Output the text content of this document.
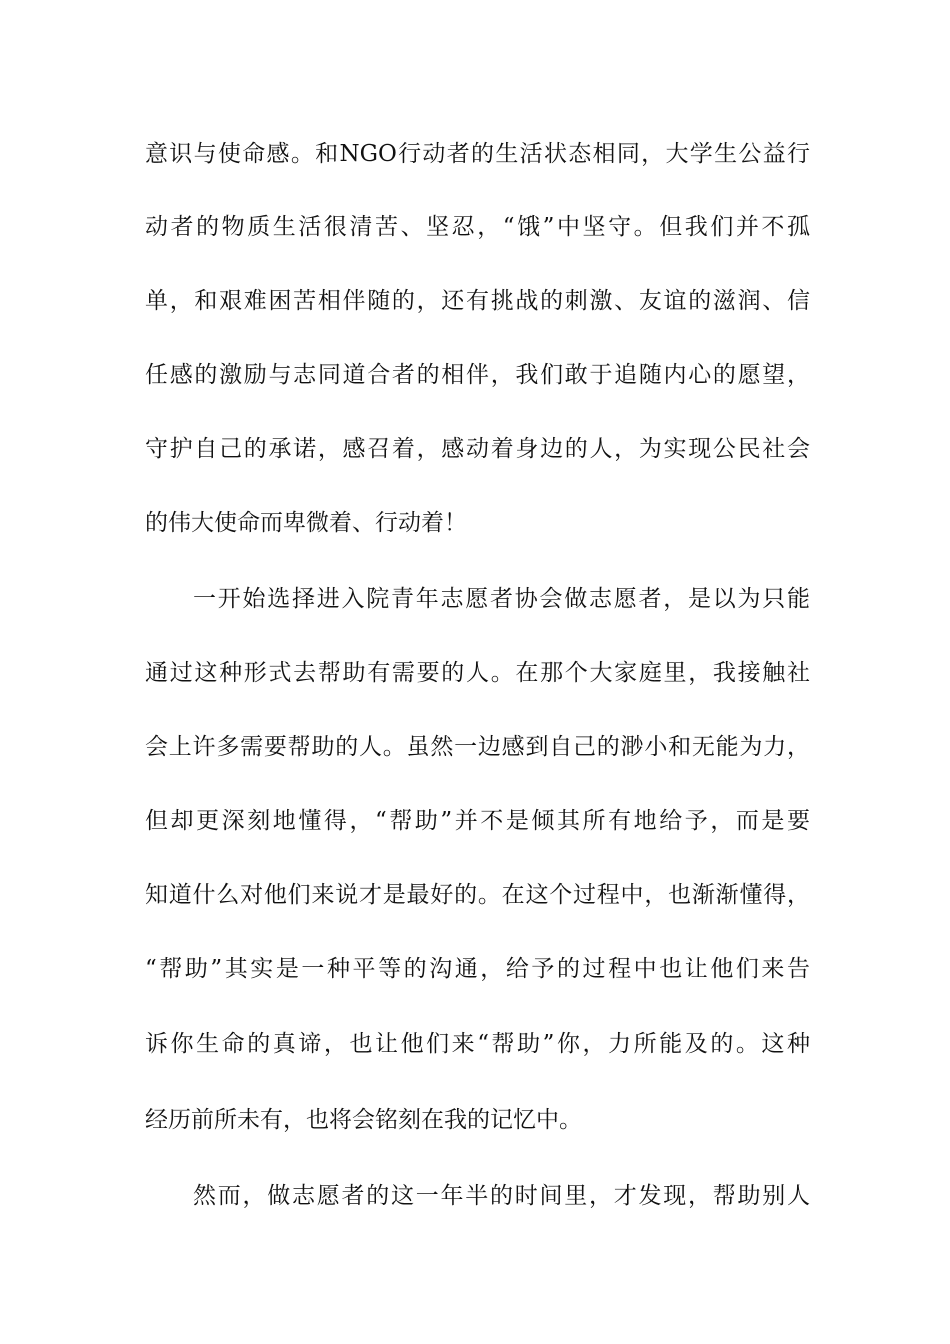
意识与使命感。和NGO行动者的生活状态相同，大学生公益行
动者的物质生活很清苦、坚忍，“饿”中坚守。但我们并不孤
单，和艰难困苦相伴随的，还有挑战的刺激、友谊的滋润、信
任感的激励与志同道合者的相伴，我们敢于追随内心的愿望，
守护自己的承诺，感召着，感动着身边的人，为实现公民社会
的伟大使命而卑微着、行动着！
一开始选择进入院青年志愿者协会做志愿者，是以为只能
通过这种形式去帮助有需要的人。在那个大家庭里，我接触社
会上许多需要帮助的人。虽然一边感到自己的渺小和无能为力，
但却更深刻地懂得，“帮助”并不是倾其所有地给予，而是要
知道什么对他们来说才是最好的。在这个过程中，也渐渐懂得，
“帮助”其实是一种平等的沟通，给予的过程中也让他们来告
诉你生命的真谛，也让他们来“帮助”你，力所能及的。这种
经历前所未有，也将会铭刻在我的记忆中。
然而，做志愿者的这一年半的时间里，才发现，帮助别人
